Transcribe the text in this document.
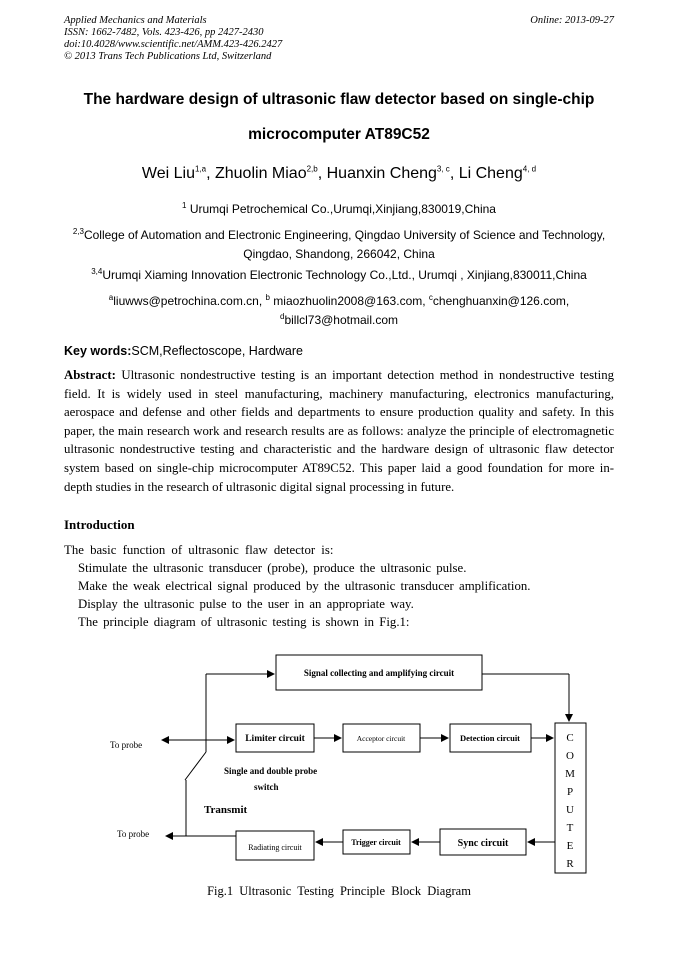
Applied Mechanics and Materials
ISSN: 1662-7482, Vols. 423-426, pp 2427-2430
doi:10.4028/www.scientific.net/AMM.423-426.2427
© 2013 Trans Tech Publications Ltd, Switzerland
Online: 2013-09-27
The hardware design of ultrasonic flaw detector based on single-chip
microcomputer AT89C52
Wei Liu$^{1,a}$, Zhuolin Miao$^{2,b}$, Huanxin Cheng$^{3, c}$, Li Cheng$^{4, d}$
$^1$ Urumqi Petrochemical Co.,Urumqi,Xinjiang,830019,China
$^{2,3}$College of Automation and Electronic Engineering, Qingdao University of Science and Technology, Qingdao, Shandong, 266042, China
$^{3,4}$Urumqi Xiaming Innovation Electronic Technology Co.,Ltd., Urumqi , Xinjiang,830011,China
$^a$liuwws@petrochina.com.cn, $^b$ miaozhuolin2008@163.com, $^c$chenghuanxin@126.com,
$^d$billcl73@hotmail.com
Key words:SCM,Reflectoscope, Hardware
Abstract: Ultrasonic nondestructive testing is an important detection method in nondestructive testing field. It is widely used in steel manufacturing, machinery manufacturing, electronics manufacturing, aerospace and defense and other fields and departments to ensure production quality and safety. In this paper, the main research work and research results are as follows: analyze the principle of electromagnetic ultrasonic nondestructive testing and characteristic and the hardware design of ultrasonic flaw detector system based on single-chip microcomputer AT89C52. This paper laid a good foundation for more in-depth studies in the research of ultrasonic digital signal processing in future.
Introduction
The basic function of ultrasonic flaw detector is:
Stimulate the ultrasonic transducer (probe), produce the ultrasonic pulse.
Make the weak electrical signal produced by the ultrasonic transducer amplification.
Display the ultrasonic pulse to the user in an appropriate way.
The principle diagram of ultrasonic testing is shown in Fig.1:
Signal collecting and amplifying circuit
Limiter circuit	Acceptor circuit	Detection circuit
Radiating circuit
Trigger circuit	Sync circuit
To probe
To probe
Single and double probe
switch
Transmit
C
O
M
P
U
T
E
R
Fig.1 Ultrasonic Testing Principle Block Diagram
